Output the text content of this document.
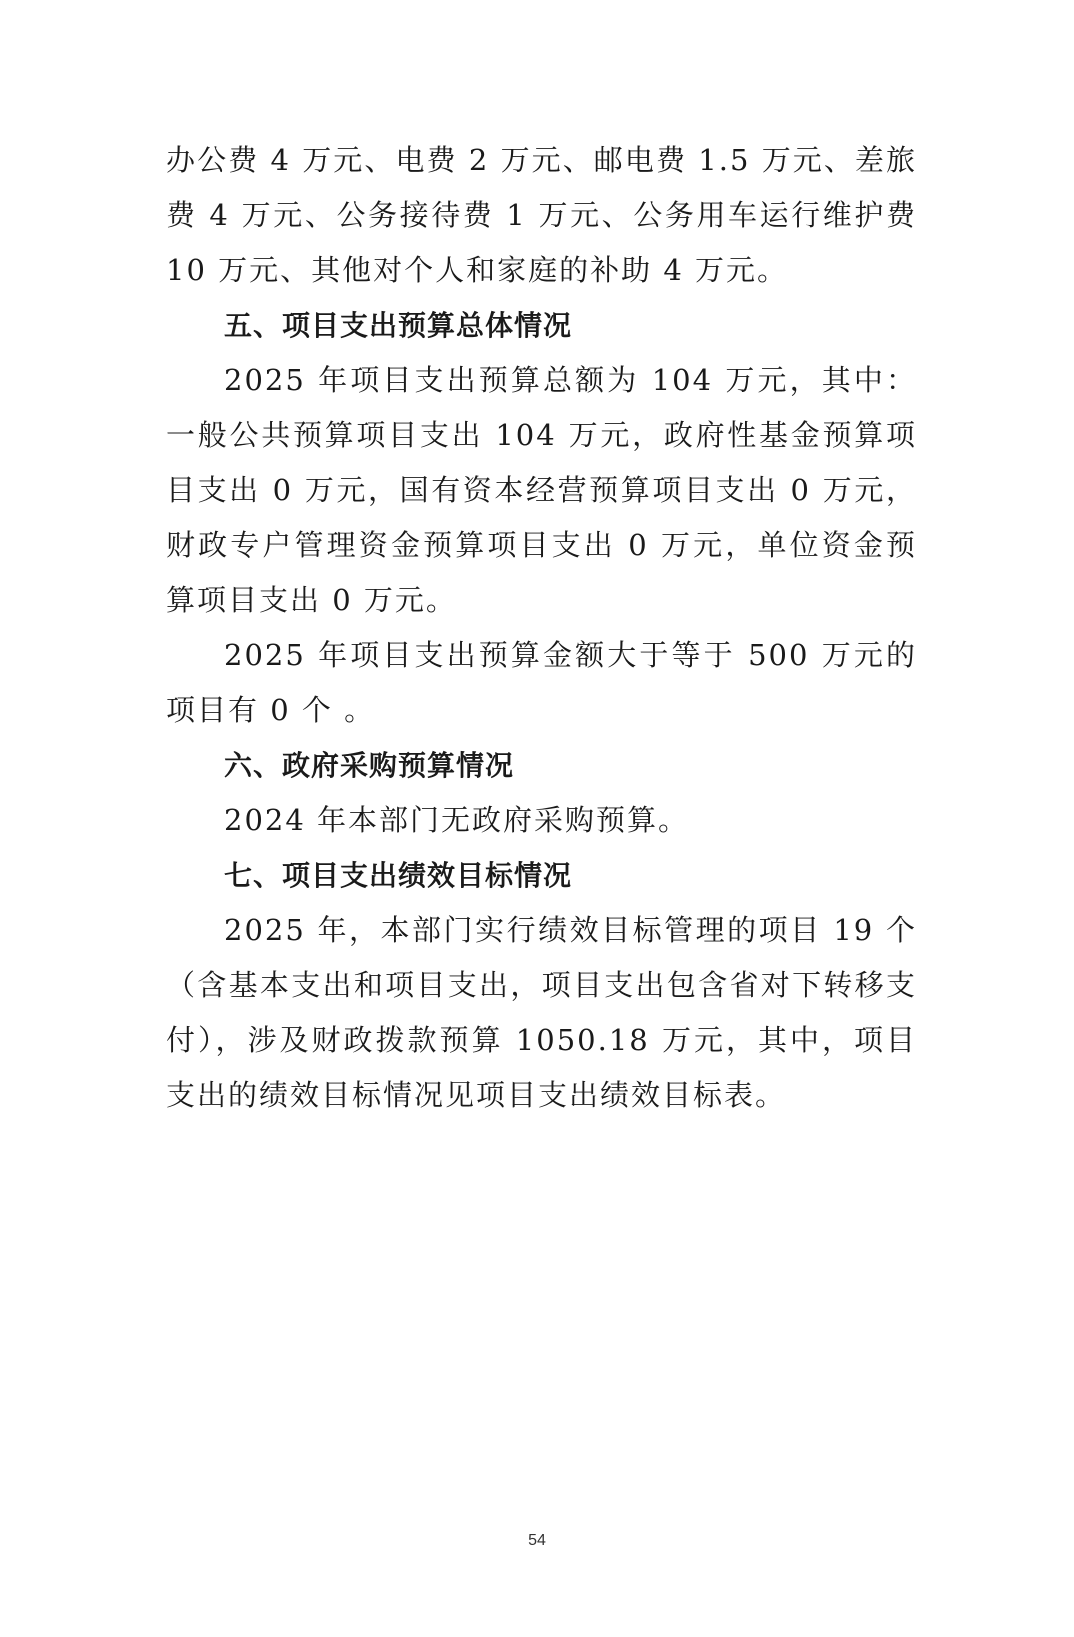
办公费 4 万元、电费 2 万元、邮电费 1.5 万元、差旅费 4 万元、公务接待费 1 万元、公务用车运行维护费 10 万元、其他对个人和家庭的补助 4 万元。

五、项目支出预算总体情况

2025 年项目支出预算总额为 104 万元，其中：一般公共预算项目支出 104 万元，政府性基金预算项目支出 0 万元，国有资本经营预算项目支出 0 万元，财政专户管理资金预算项目支出 0 万元，单位资金预算项目支出 0 万元。

2025 年项目支出预算金额大于等于 500 万元的项目有 0 个 。

六、政府采购预算情况

2024 年本部门无政府采购预算。

七、项目支出绩效目标情况

2025 年，本部门实行绩效目标管理的项目 19 个（含基本支出和项目支出，项目支出包含省对下转移支付），涉及财政拨款预算 1050.18 万元，其中，项目支出的绩效目标情况见项目支出绩效目标表。

54
